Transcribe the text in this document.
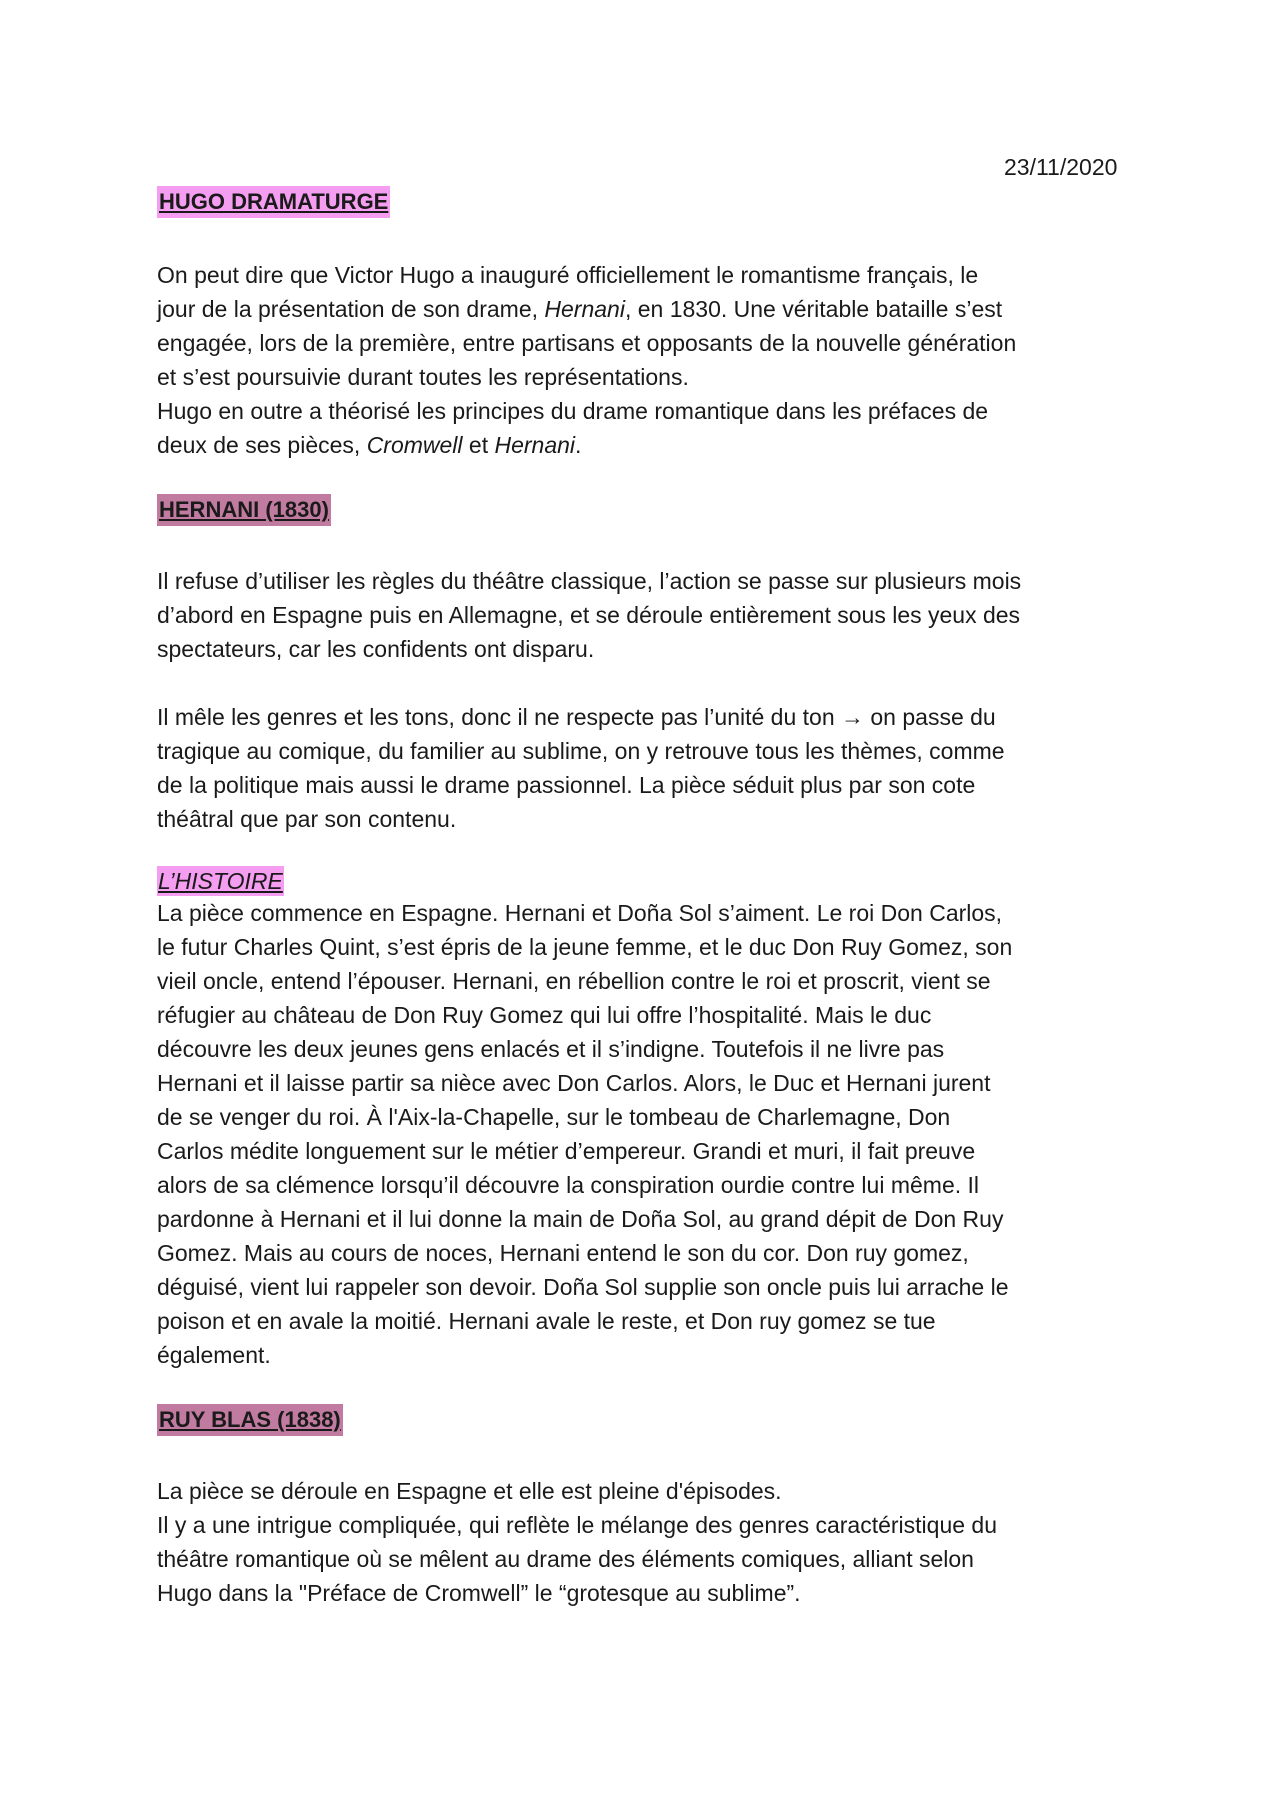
23/11/2020
HUGO DRAMATURGE
On peut dire que Victor Hugo a inauguré officiellement le romantisme français, le
jour de la présentation de son drame, Hernani, en 1830. Une véritable bataille s’est
engagée, lors de la première, entre partisans et opposants de la nouvelle génération
et s’est poursuivie durant toutes les représentations.
Hugo en outre a théorisé les principes du drame romantique dans les préfaces de
deux de ses pièces, Cromwell et Hernani.
HERNANI (1830)
Il refuse d’utiliser les règles du théâtre classique, l’action se passe sur plusieurs mois
d’abord en Espagne puis en Allemagne, et se déroule entièrement sous les yeux des
spectateurs, car les confidents ont disparu.
Il mêle les genres et les tons, donc il ne respecte pas l’unité du ton → on passe du
tragique au comique, du familier au sublime, on y retrouve tous les thèmes, comme
de la politique mais aussi le drame passionnel. La pièce séduit plus par son cote
théâtral que par son contenu.
L’HISTOIRE
La pièce commence en Espagne. Hernani et Doña Sol s’aiment. Le roi Don Carlos,
le futur Charles Quint, s’est épris de la jeune femme, et le duc Don Ruy Gomez, son
vieil oncle, entend l’épouser. Hernani, en rébellion contre le roi et proscrit, vient se
réfugier au château de Don Ruy Gomez qui lui offre l’hospitalité. Mais le duc
découvre les deux jeunes gens enlacés et il s’indigne. Toutefois il ne livre pas
Hernani et il laisse partir sa nièce avec Don Carlos. Alors, le Duc et Hernani jurent
de se venger du roi. À l'Aix-la-Chapelle, sur le tombeau de Charlemagne, Don
Carlos médite longuement sur le métier d’empereur. Grandi et muri, il fait preuve
alors de sa clémence lorsqu’il découvre la conspiration ourdie contre lui même. Il
pardonne à Hernani et il lui donne la main de Doña Sol, au grand dépit de Don Ruy
Gomez. Mais au cours de noces, Hernani entend le son du cor. Don ruy gomez,
déguisé, vient lui rappeler son devoir. Doña Sol supplie son oncle puis lui arrache le
poison et en avale la moitié. Hernani avale le reste, et Don ruy gomez se tue
également.
RUY BLAS (1838)
La pièce se déroule en Espagne et elle est pleine d'épisodes.
Il y a une intrigue compliquée, qui reflète le mélange des genres caractéristique du
théâtre romantique où se mêlent au drame des éléments comiques, alliant selon
Hugo dans la "Préface de Cromwell” le “grotesque au sublime”.
